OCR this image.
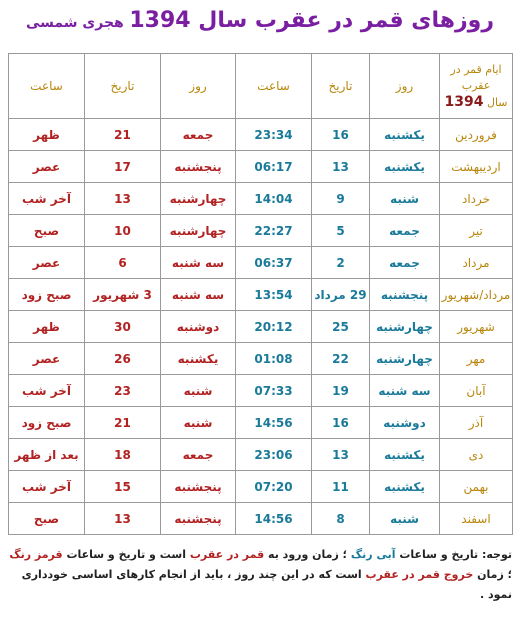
روزهای قمر در عقرب سال 1394 هجری شمسی
ایام قمر در عقرب
سال 1394	روز	تاریخ	ساعت	روز	تاریخ	ساعت
فروردین	یکشنبه	16	23:34	جمعه	21	ظهر
اردیبهشت	یکشنبه	13	06:17	پنجشنبه	17	عصر
خرداد	شنبه	9	14:04	چهارشنبه	13	آخر شب
تیر	جمعه	5	22:27	چهارشنبه	10	صبح
مرداد	جمعه	2	06:37	سه شنبه	6	عصر
مرداد/شهریور	پنجشنبه	29 مرداد	13:54	سه شنبه	3 شهریور	صبح زود
شهریور	چهارشنبه	25	20:12	دوشنبه	30	ظهر
مهر	چهارشنبه	22	01:08	یکشنبه	26	عصر
آبان	سه شنبه	19	07:33	شنبه	23	آخر شب
آذر	دوشنبه	16	14:56	شنبه	21	صبح زود
دی	یکشنبه	13	23:06	جمعه	18	بعد از ظهر
بهمن	یکشنبه	11	07:20	پنجشنبه	15	آخر شب
اسفند	شنبه	8	14:56	پنجشنبه	13	صبح
توجه: تاریخ و ساعات آبی رنگ ؛ زمان ورود به قمر در عقرب است و تاریخ و ساعات قرمز رنگ ؛ زمان خروج قمر در عقرب است که در این چند روز ، باید از انجام کارهای اساسی خودداری نمود .
